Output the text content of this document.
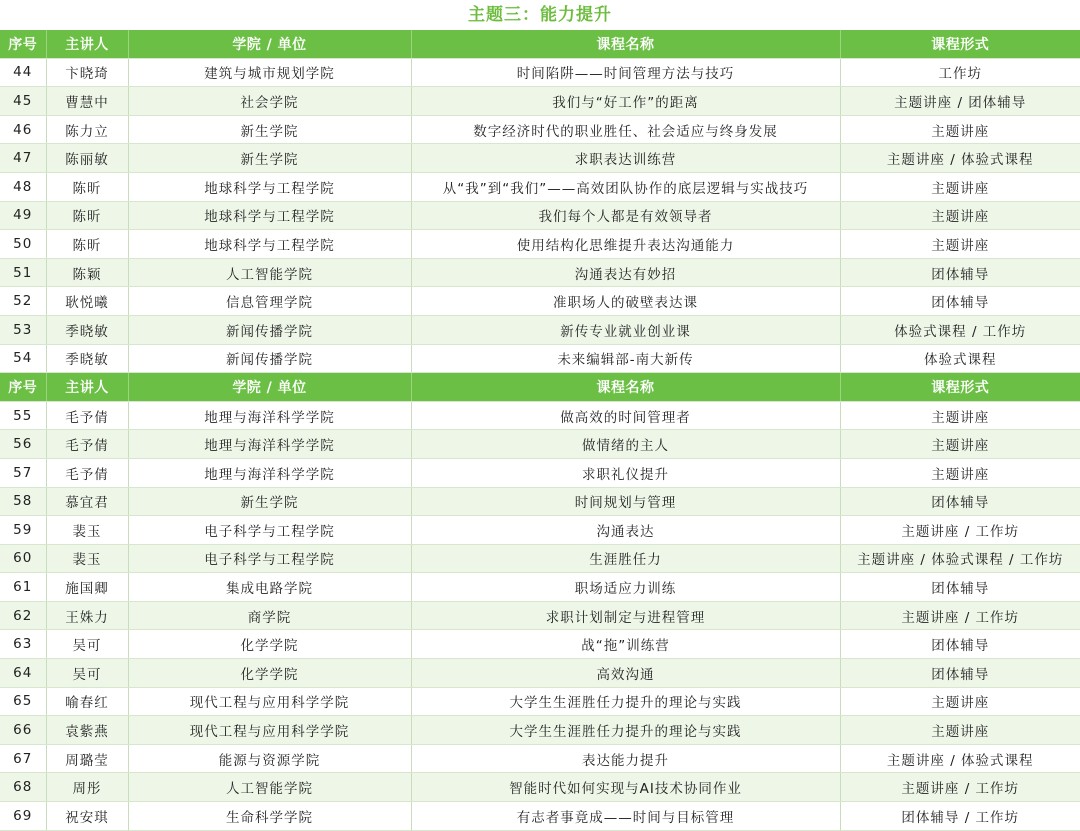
主题三：能力提升
序号	主讲人	学院 / 单位	课程名称	课程形式
44	卞晓琦	建筑与城市规划学院	时间陷阱——时间管理方法与技巧	工作坊
45	曹慧中	社会学院	我们与“好工作”的距离	主题讲座 / 团体辅导
46	陈力立	新生学院	数字经济时代的职业胜任、社会适应与终身发展	主题讲座
47	陈丽敏	新生学院	求职表达训练营	主题讲座 / 体验式课程
48	陈昕	地球科学与工程学院	从“我”到“我们”——高效团队协作的底层逻辑与实战技巧	主题讲座
49	陈昕	地球科学与工程学院	我们每个人都是有效领导者	主题讲座
50	陈昕	地球科学与工程学院	使用结构化思维提升表达沟通能力	主题讲座
51	陈颖	人工智能学院	沟通表达有妙招	团体辅导
52	耿悦曦	信息管理学院	准职场人的破壁表达课	团体辅导
53	季晓敏	新闻传播学院	新传专业就业创业课	体验式课程 / 工作坊
54	季晓敏	新闻传播学院	未来编辑部-南大新传	体验式课程
序号	主讲人	学院 / 单位	课程名称	课程形式
55	毛予倩	地理与海洋科学学院	做高效的时间管理者	主题讲座
56	毛予倩	地理与海洋科学学院	做情绪的主人	主题讲座
57	毛予倩	地理与海洋科学学院	求职礼仪提升	主题讲座
58	慕宜君	新生学院	时间规划与管理	团体辅导
59	裴玉	电子科学与工程学院	沟通表达	主题讲座 / 工作坊
60	裴玉	电子科学与工程学院	生涯胜任力	主题讲座 / 体验式课程 / 工作坊
61	施国卿	集成电路学院	职场适应力训练	团体辅导
62	王姝力	商学院	求职计划制定与进程管理	主题讲座 / 工作坊
63	吴可	化学学院	战“拖”训练营	团体辅导
64	吴可	化学学院	高效沟通	团体辅导
65	喻春红	现代工程与应用科学学院	大学生生涯胜任力提升的理论与实践	主题讲座
66	袁紫燕	现代工程与应用科学学院	大学生生涯胜任力提升的理论与实践	主题讲座
67	周璐莹	能源与资源学院	表达能力提升	主题讲座 / 体验式课程
68	周彤	人工智能学院	智能时代如何实现与AI技术协同作业	主题讲座 / 工作坊
69	祝安琪	生命科学学院	有志者事竟成——时间与目标管理	团体辅导 / 工作坊
